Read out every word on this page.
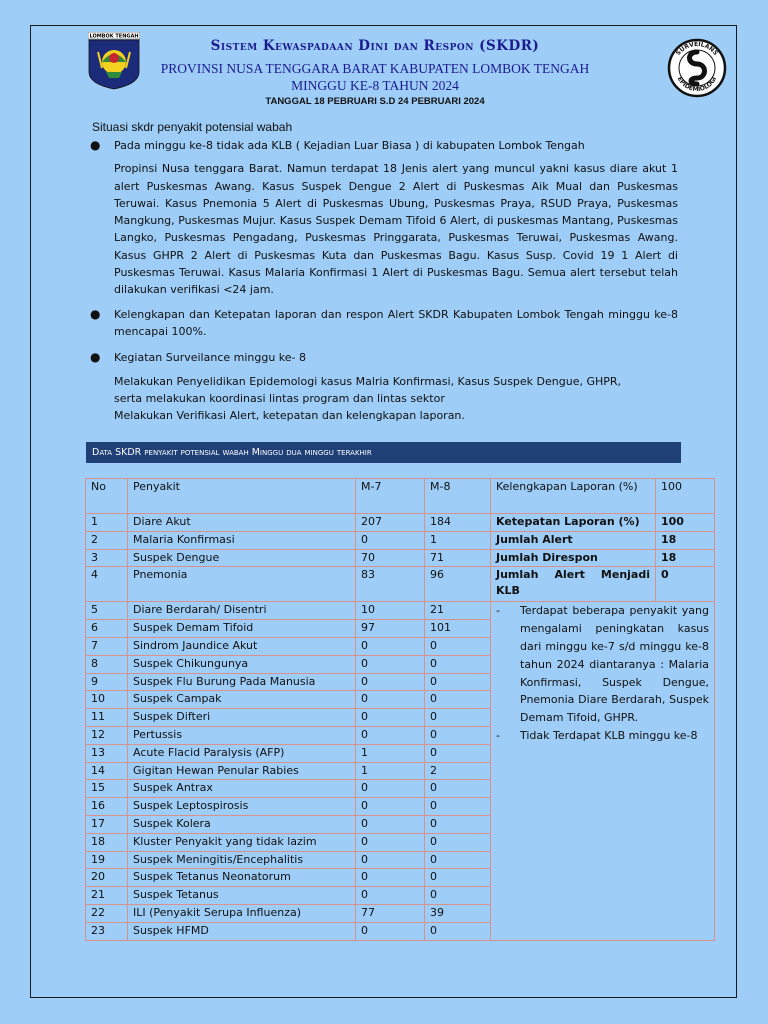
LOMBOK TENGAH
Sistem Kewaspadaan Dini dan Respon (SKDR)
PROVINSI NUSA TENGGARA BARAT KABUPATEN LOMBOK TENGAH
MINGGU KE-8 TAHUN 2024
TANGGAL 18 PEBRUARI S.D 24 PEBRUARI 2024
SURVEILANS
EPIDEMIOLOGI
Situasi skdr penyakit potensial wabah
● Pada minggu ke-8 tidak ada KLB ( Kejadian Luar Biasa ) di kabupaten Lombok Tengah

Propinsi Nusa tenggara Barat. Namun terdapat 18 Jenis alert yang muncul yakni kasus diare akut 1 alert Puskesmas Awang. Kasus Suspek Dengue 2 Alert di Puskesmas Aik Mual dan Puskesmas Teruwai. Kasus Pnemonia 5 Alert di Puskesmas Ubung, Puskesmas Praya, RSUD Praya, Puskesmas Mangkung, Puskesmas Mujur. Kasus Suspek Demam Tifoid 6 Alert, di puskesmas Mantang, Puskesmas Langko, Puskesmas Pengadang, Puskesmas Pringgarata, Puskesmas Teruwai, Puskesmas Awang. Kasus GHPR 2 Alert di Puskesmas Kuta dan Puskesmas Bagu. Kasus Susp. Covid 19 1 Alert di Puskesmas Teruwai. Kasus Malaria Konfirmasi 1 Alert di Puskesmas Bagu. Semua alert tersebut telah dilakukan verifikasi <24 jam.

● Kelengkapan dan Ketepatan laporan dan respon Alert SKDR Kabupaten Lombok Tengah minggu ke-8 mencapai 100%.

● Kegiatan Surveilance minggu ke- 8

Melakukan Penyelidikan Epidemologi kasus Malria Konfirmasi, Kasus Suspek Dengue, GHPR,

serta melakukan koordinasi lintas program dan lintas sektor

Melakukan Verifikasi Alert, ketepatan dan kelengkapan laporan.

Data SKDR penyakit potensial wabah Minggu dua minggu terakhir
No	Penyakit	M-7	M-8	Kelengkapan Laporan (%)	100
1	Diare Akut	207	184	Ketepatan Laporan (%)	100
2	Malaria Konfirmasi	0	1	Jumlah Alert	18
3	Suspek Dengue	70	71	Jumlah Direspon	18
4	Pnemonia	83	96	Jumlah Alert Menjadi KLB	0
5	Diare Berdarah/ Disentri	10	21	- Terdapat beberapa penyakit yang mengalami peningkatan kasus dari minggu ke-7 s/d minggu ke-8 tahun 2024 diantaranya : Malaria Konfirmasi, Suspek Dengue, Pnemonia Diare Berdarah, Suspek Demam Tifoid, GHPR.
- Tidak Terdapat KLB minggu ke-8	

6	Suspek Demam Tifoid	97	101		
7	Sindrom Jaundice Akut	0	0		
8	Suspek Chikungunya	0	0		
9	Suspek Flu Burung Pada Manusia	0	0		
10	Suspek Campak	0	0		
11	Suspek Difteri	0	0		
12	Pertussis	0	0		
13	Acute Flacid Paralysis (AFP)	1	0		
14	Gigitan Hewan Penular Rabies	1	2		
15	Suspek Antrax	0	0		
16	Suspek Leptospirosis	0	0		
17	Suspek Kolera	0	0		
18	Kluster Penyakit yang tidak lazim	0	0		
19	Suspek Meningitis/Encephalitis	0	0		
20	Suspek Tetanus Neonatorum	0	0		
21	Suspek Tetanus	0	0		
22	ILI (Penyakit Serupa Influenza)	77	39		
23	Suspek HFMD	0	0		
